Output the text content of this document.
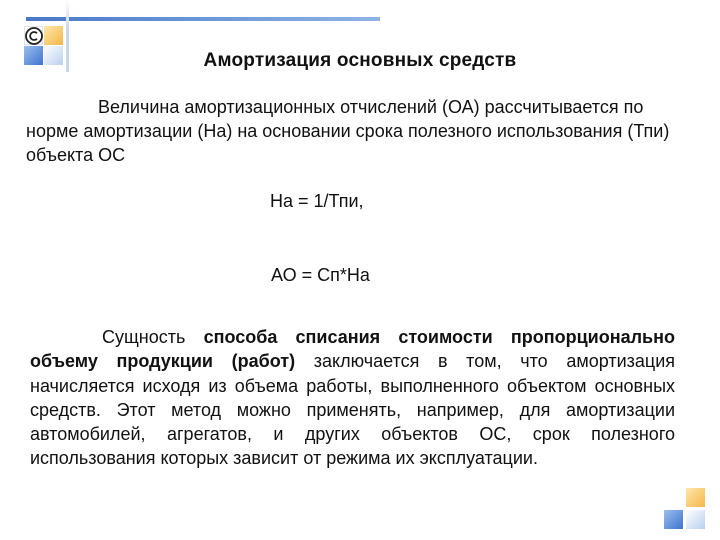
Амортизация основных средств
Величина амортизационных отчислений (ОА) рассчитывается по норме амортизации (На) на основании срока полезного использования (Тпи) объекта ОС
На = 1/Тпи,
АО = Сп*На
Сущность способа списания стоимости пропорционально объему продукции (работ) заключается в том, что амортизация начисляется исходя из объема работы, выполненного объектом основных средств. Этот метод можно применять, например, для амортизации автомобилей, агрегатов, и других объектов ОС, срок полезного использования которых зависит от режима их эксплуатации.
